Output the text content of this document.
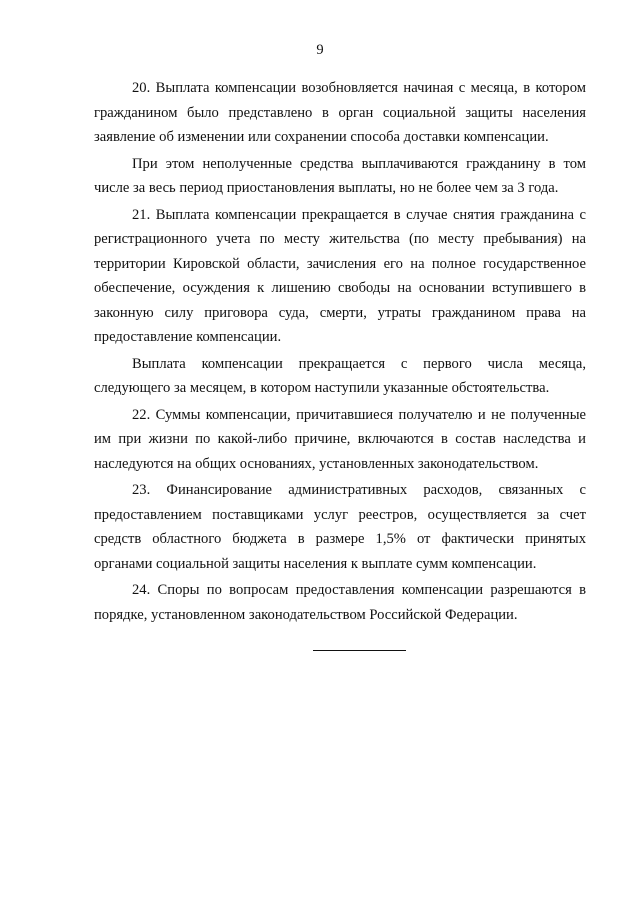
9

20. Выплата компенсации возобновляется начиная с месяца, в котором гражданином было представлено в орган социальной защиты населения заявление об изменении или сохранении способа доставки компенсации.

При этом неполученные средства выплачиваются гражданину в том числе за весь период приостановления выплаты, но не более чем за 3 года.

21. Выплата компенсации прекращается в случае снятия гражданина с регистрационного учета по месту жительства (по месту пребывания) на территории Кировской области, зачисления его на полное государственное обеспечение, осуждения к лишению свободы на основании вступившего в законную силу приговора суда, смерти, утраты гражданином права на предоставление компенсации.

Выплата компенсации прекращается с первого числа месяца, следующего за месяцем, в котором наступили указанные обстоятельства.

22. Суммы компенсации, причитавшиеся получателю и не полученные им при жизни по какой-либо причине, включаются в состав наследства и наследуются на общих основаниях, установленных законодательством.

23. Финансирование административных расходов, связанных с предоставлением поставщиками услуг реестров, осуществляется за счет средств областного бюджета в размере 1,5% от фактически принятых органами социальной защиты населения к выплате сумм компенсации.

24. Споры по вопросам предоставления компенсации разрешаются в порядке, установленном законодательством Российской Федерации.
